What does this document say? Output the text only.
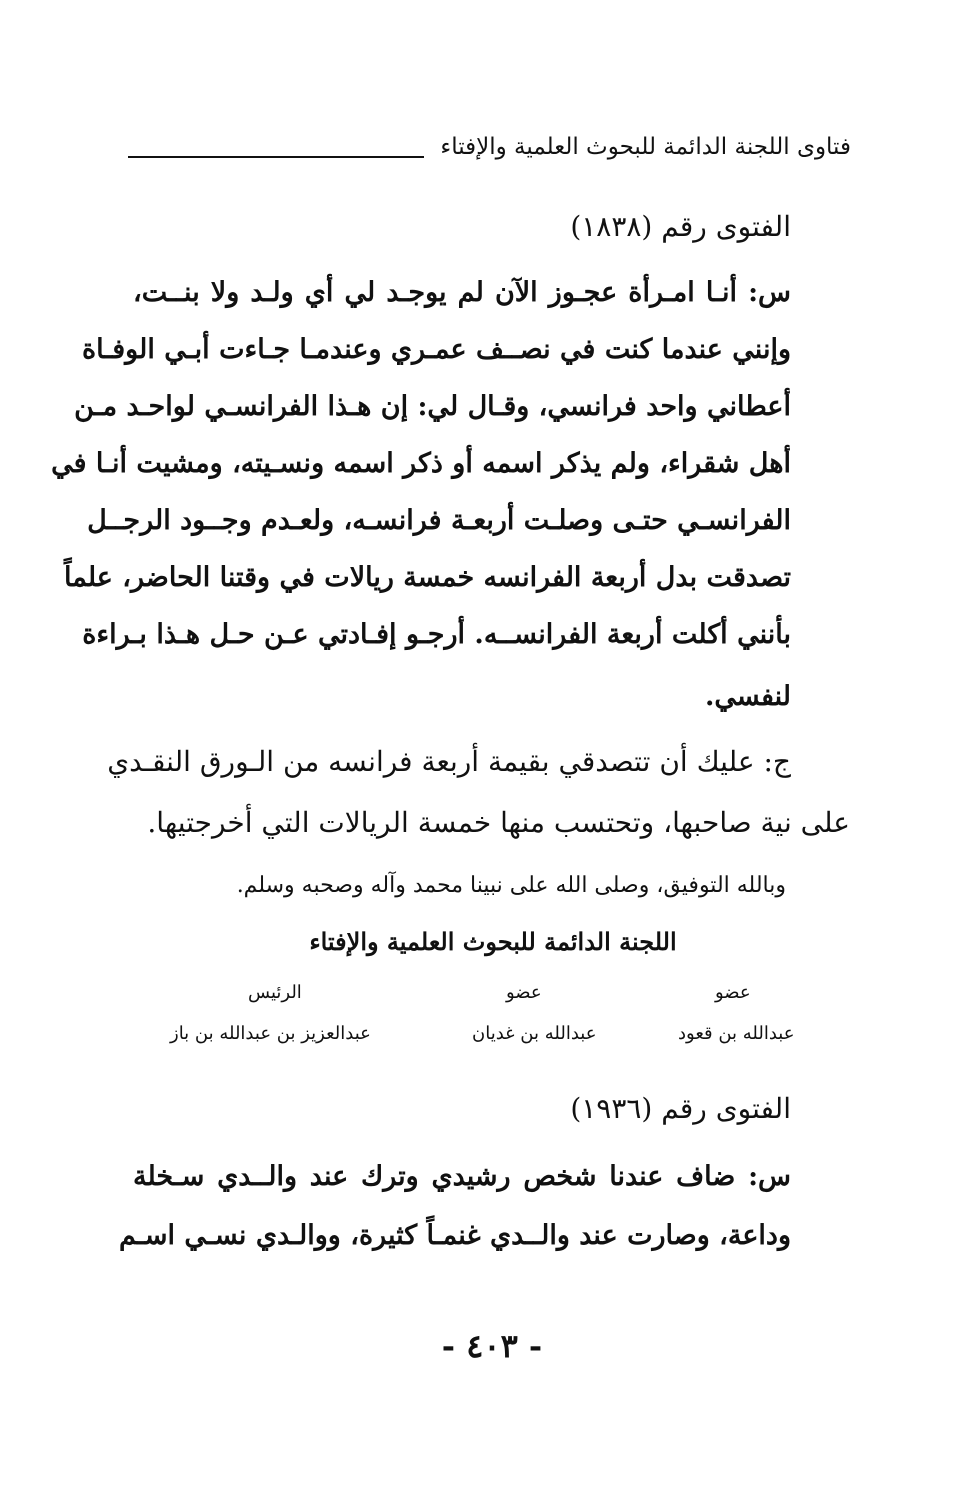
فتاوى اللجنة الدائمة للبحوث العلمية والإفتاء
الفتوى رقم (١٨٣٨)
س: أنـا امـرأة عجـوز الآن لم يوجـد لي أي ولـد ولا بنــت،
وإنني عندما كنت في نصــف عمـري وعندمـا جـاءت أبـي الوفـاة
أعطاني واحد فرانسي، وقـال لي: إن هـذا الفرانسـي لواحـد مـن
أهل شقراء، ولم يذكر اسمه أو ذكر اسمه ونسـيته، ومشيت أنـا في
الفرانسـي حتـى وصلـت أربعـة فرانسـه، ولعـدم وجــود الرجــل
تصدقت بدل أربعة الفرانسه خمسة ريالات في وقتنا الحاضر، علماً
بأنني أكلت أربعة الفرانســه. أرجـو إفـادتي عـن حـل هـذا بـراءة
لنفسي.
ج: عليك أن تتصدقي بقيمة أربعة فرانسه من الـورق النقـدي
على نية صاحبها، وتحتسب منها خمسة الريالات التي أخرجتيها.
وبالله التوفيق، وصلى الله على نبينا محمد وآله وصحبه وسلم.
اللجنة الدائمة للبحوث العلمية والإفتاء
عضو
عضو
الرئيس
عبدالله بن قعود
عبدالله بن غديان
عبدالعزيز بن عبدالله بن باز
الفتوى رقم (١٩٣٦)
س: ضاف عندنا شخص رشيدي وترك عند والــدي سـخلة
وداعة، وصارت عند والــدي غنمـاً كثيرة، ووالـدي نسـي اسـم
- ٤٠٣ -
